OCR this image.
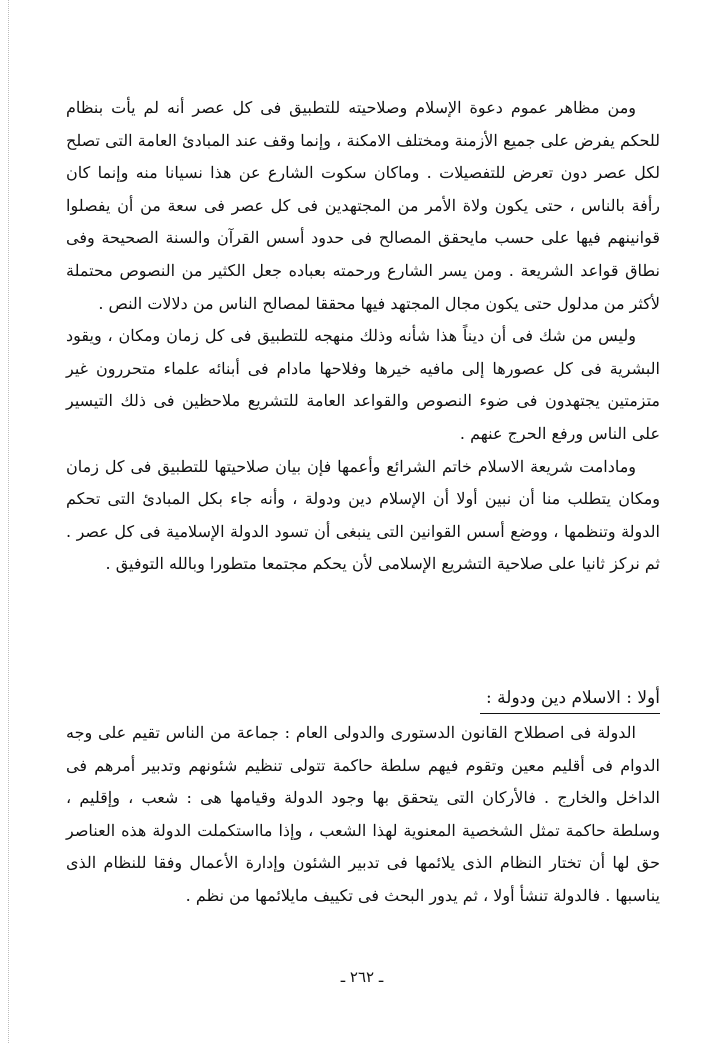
ومن مظاهر عموم دعوة الإسلام وصلاحيته للتطبيق فى كل عصر أنه لم يأت بنظام للحكم يفرض على جميع الأزمنة ومختلف الامكنة ، وإنما وقف عند المبادئ العامة التى تصلح لكل عصر دون تعرض للتفصيلات . وماكان سكوت الشارع عن هذا نسيانا منه وإنما كان رأفة بالناس ، حتى يكون ولاة الأمر من المجتهدين فى كل عصر فى سعة من أن يفصلوا قوانينهم فيها على حسب مايحقق المصالح فى حدود أسس القرآن والسنة الصحيحة وفى نطاق قواعد الشريعة . ومن يسر الشارع ورحمته بعباده جعل الكثير من النصوص محتملة لأكثر من مدلول حتى يكون مجال المجتهد فيها محققا لمصالح الناس من دلالات النص .

وليس من شك فى أن ديناً هذا شأنه وذلك منهجه للتطبيق فى كل زمان ومكان ، ويقود البشرية فى كل عصورها إلى مافيه خيرها وفلاحها مادام فى أبنائه علماء متحررون غير متزمتين يجتهدون فى ضوء النصوص والقواعد العامة للتشريع ملاحظين فى ذلك التيسير على الناس ورفع الحرج عنهم .

ومادامت شريعة الاسلام خاتم الشرائع وأعمها فإن بيان صلاحيتها للتطبيق فى كل زمان ومكان يتطلب منا أن نبين أولا أن الإسلام دين ودولة ، وأنه جاء بكل المبادئ التى تحكم الدولة وتنظمها ، ووضع أسس القوانين التى ينبغى أن تسود الدولة الإسلامية فى كل عصر . ثم نركز ثانيا على صلاحية التشريع الإسلامى لأن يحكم مجتمعا متطورا وبالله التوفيق .

أولا : الاسلام دين ودولة :

الدولة فى اصطلاح القانون الدستورى والدولى العام : جماعة من الناس تقيم على وجه الدوام فى أقليم معين وتقوم فيهم سلطة حاكمة تتولى تنظيم شئونهم وتدبير أمرهم فى الداخل والخارج . فالأركان التى يتحقق بها وجود الدولة وقيامها هى : شعب ، وإقليم ، وسلطة حاكمة تمثل الشخصية المعنوية لهذا الشعب ، وإذا مااستكملت الدولة هذه العناصر حق لها أن تختار النظام الذى يلائمها فى تدبير الشئون وإدارة الأعمال وفقا للنظام الذى يناسبها . فالدولة تنشأ أولا ، ثم يدور البحث فى تكييف مايلائمها من نظم .

ـ ٢٦٢ ـ
